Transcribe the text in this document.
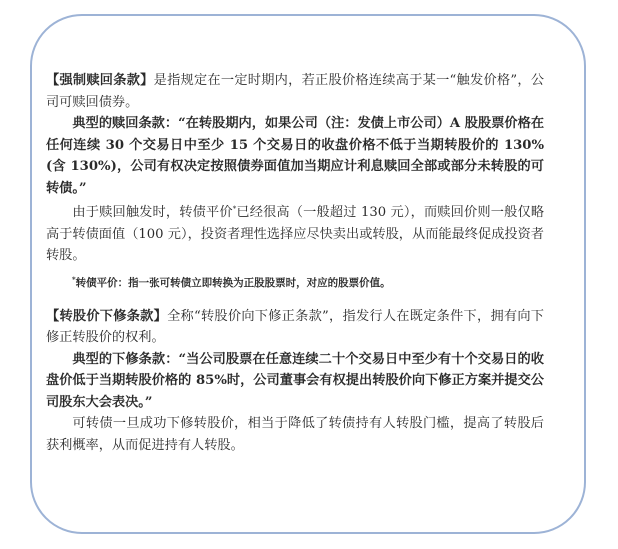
【强制赎回条款】是指规定在一定时期内，若正股价格连续高于某一“触发价格”，公司可赎回债券。

典型的赎回条款：“在转股期内，如果公司（注：发债上市公司）A 股股票价格在任何连续 30 个交易日中至少 15 个交易日的收盘价格不低于当期转股价的 130%(含 130%)，公司有权决定按照债券面值加当期应计利息赎回全部或部分未转股的可转债。”

由于赎回触发时，转债平价*已经很高（一般超过 130 元），而赎回价则一般仅略高于转债面值（100 元），投资者理性选择应尽快卖出或转股，从而能最终促成投资者转股。

*转债平价：指一张可转债立即转换为正股股票时，对应的股票价值。

【转股价下修条款】全称“转股价向下修正条款”，指发行人在既定条件下，拥有向下修正转股价的权利。

典型的下修条款：“当公司股票在任意连续二十个交易日中至少有十个交易日的收盘价低于当期转股价格的 85%时，公司董事会有权提出转股价向下修正方案并提交公司股东大会表决。”

可转债一旦成功下修转股价，相当于降低了转债持有人转股门槛，提高了转股后获利概率，从而促进持有人转股。
